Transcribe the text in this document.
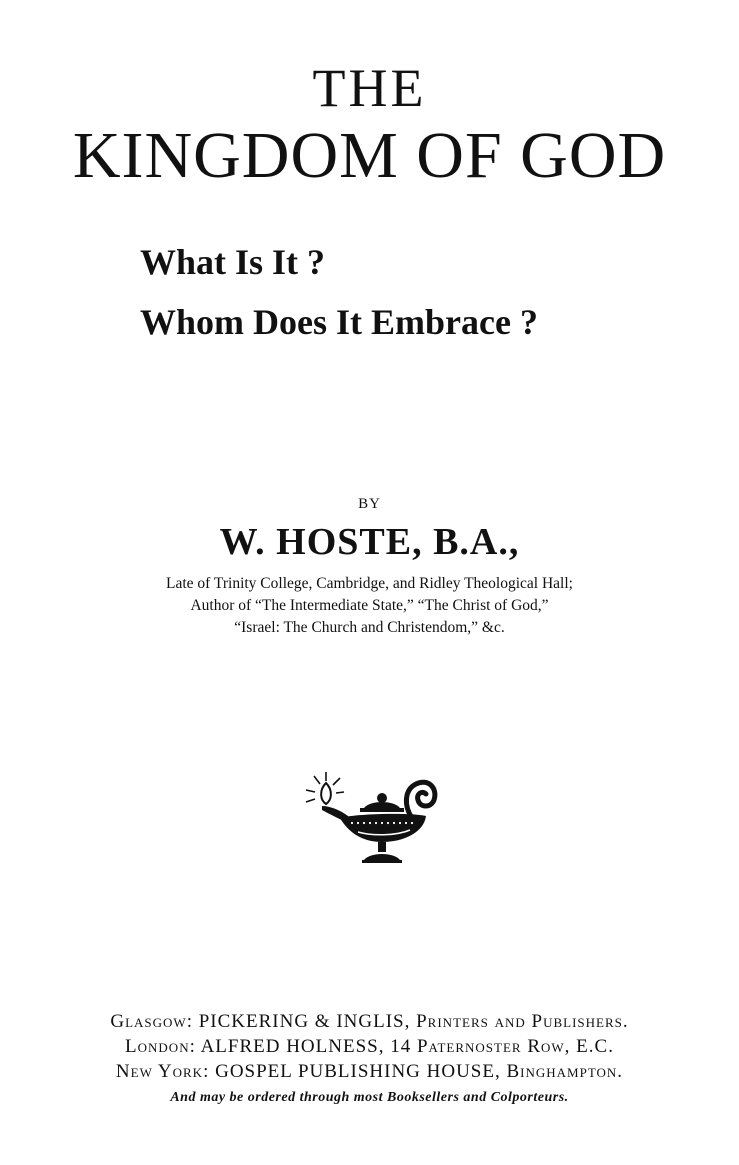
THE
KINGDOM OF GOD
What Is It ?
Whom Does It Embrace ?
BY
W. HOSTE, B.A.,
Late of Trinity College, Cambridge, and Ridley Theological Hall;
Author of “The Intermediate State,” “The Christ of God,”
“Israel: The Church and Christendom,” &c.
Glasgow: PICKERING & INGLIS, Printers and Publishers.
London: ALFRED HOLNESS, 14 Paternoster Row, E.C.
New York: GOSPEL PUBLISHING HOUSE, Binghampton.
And may be ordered through most Booksellers and Colporteurs.
